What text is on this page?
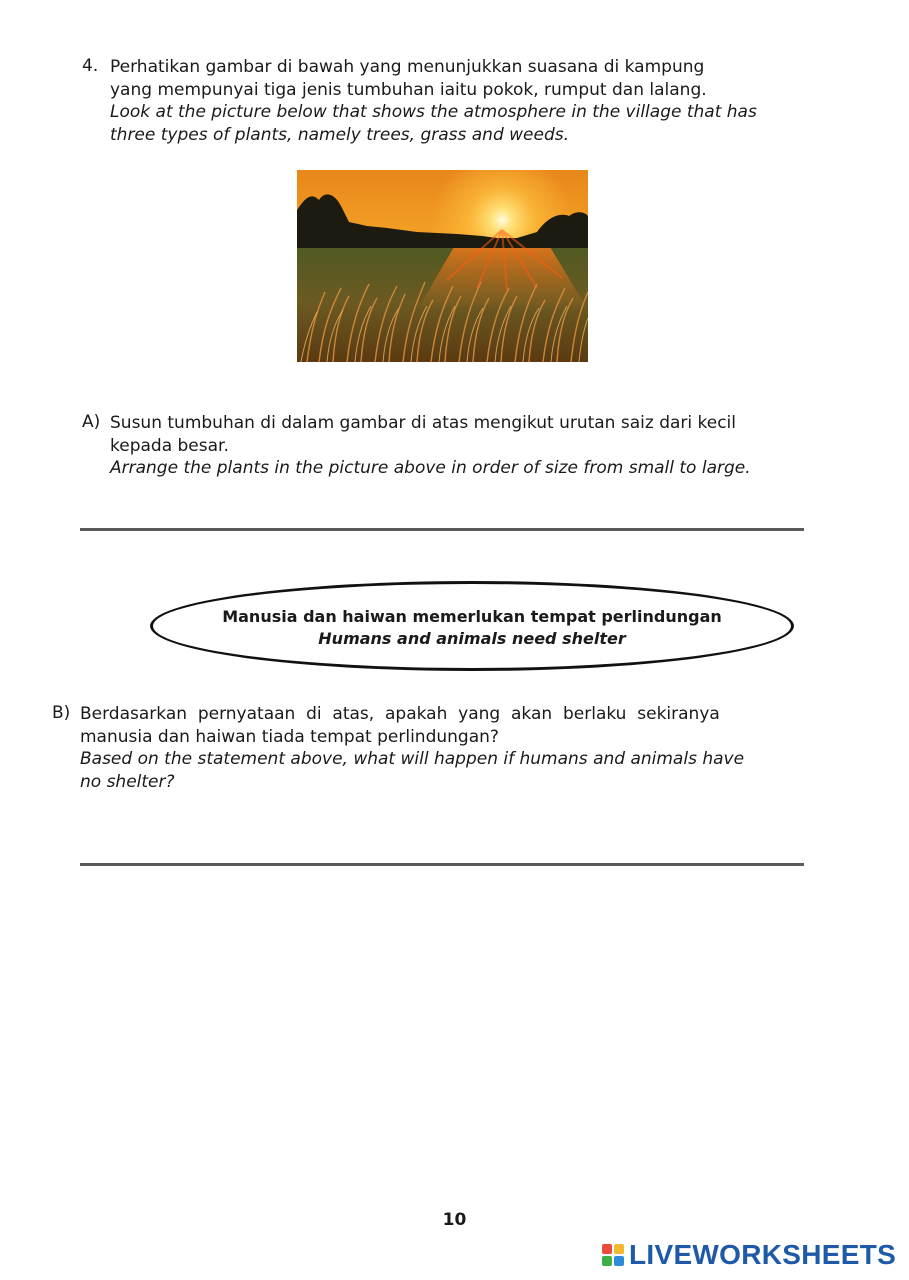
4. Perhatikan gambar di bawah yang menunjukkan suasana di kampung
yang mempunyai tiga jenis tumbuhan iaitu pokok, rumput dan lalang.
Look at the picture below that shows the atmosphere in the village that has
three types of plants, namely trees, grass and weeds.
A) Susun tumbuhan di dalam gambar di atas mengikut urutan saiz dari kecil
kepada besar.
Arrange the plants in the picture above in order of size from small to large.
Manusia dan haiwan memerlukan tempat perlindungan
Humans and animals need shelter
B) Berdasarkan  pernyataan  di  atas,  apakah  yang  akan  berlaku  sekiranya
manusia dan haiwan tiada tempat perlindungan?
Based on the statement above, what will happen if humans and animals have
no shelter?
10
LIVEWORKSHEETS
